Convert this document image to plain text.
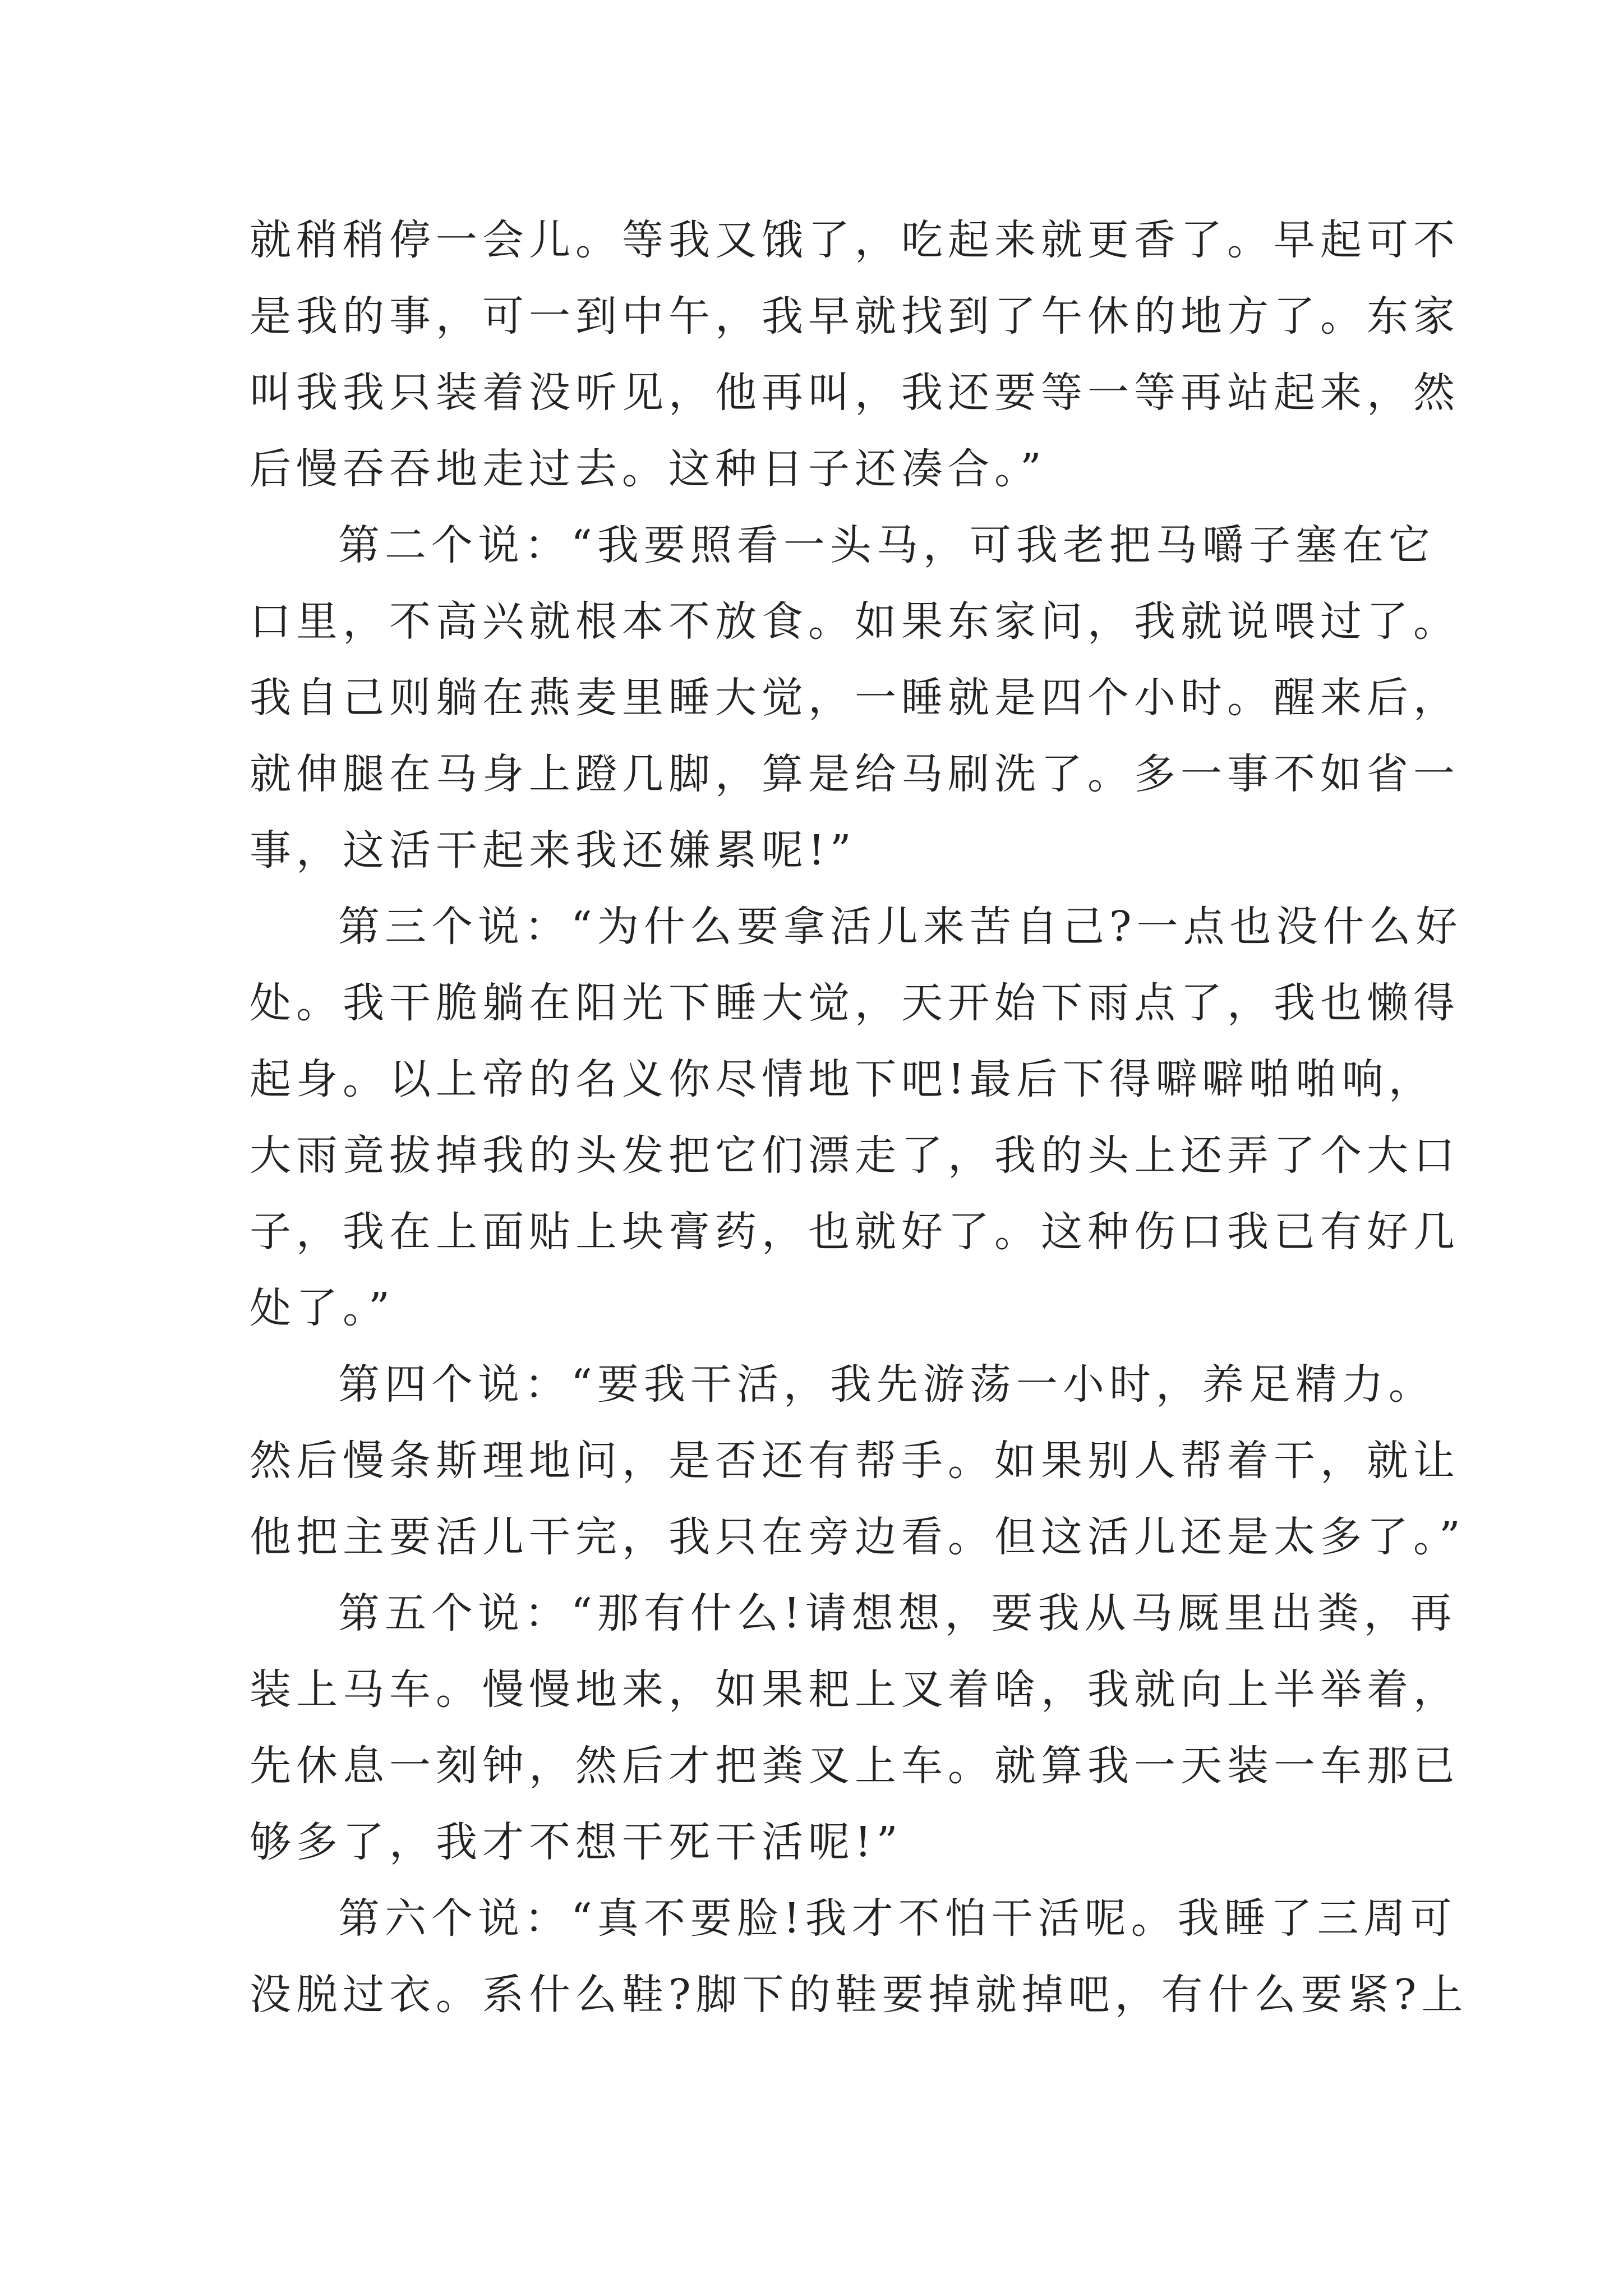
就稍稍停一会儿。等我又饿了，吃起来就更香了。早起可不
是我的事，可一到中午，我早就找到了午休的地方了。东家
叫我我只装着没听见，他再叫，我还要等一等再站起来，然
后慢吞吞地走过去。这种日子还凑合。”
第二个说：“我要照看一头马，可我老把马嚼子塞在它
口里，不高兴就根本不放食。如果东家问，我就说喂过了。
我自己则躺在燕麦里睡大觉，一睡就是四个小时。醒来后，
就伸腿在马身上蹬几脚，算是给马刷洗了。多一事不如省一
事，这活干起来我还嫌累呢!”
第三个说：“为什么要拿活儿来苦自己?一点也没什么好
处。我干脆躺在阳光下睡大觉，天开始下雨点了，我也懒得
起身。以上帝的名义你尽情地下吧!最后下得噼噼啪啪响，
大雨竟拔掉我的头发把它们漂走了，我的头上还弄了个大口
子，我在上面贴上块膏药，也就好了。这种伤口我已有好几
处了。”
第四个说：“要我干活，我先游荡一小时，养足精力。
然后慢条斯理地问，是否还有帮手。如果别人帮着干，就让
他把主要活儿干完，我只在旁边看。但这活儿还是太多了。”
第五个说：“那有什么!请想想，要我从马厩里出粪，再
装上马车。慢慢地来，如果耙上叉着啥，我就向上半举着，
先休息一刻钟，然后才把粪叉上车。就算我一天装一车那已
够多了，我才不想干死干活呢!”
第六个说：“真不要脸!我才不怕干活呢。我睡了三周可
没脱过衣。系什么鞋?脚下的鞋要掉就掉吧，有什么要紧?上
